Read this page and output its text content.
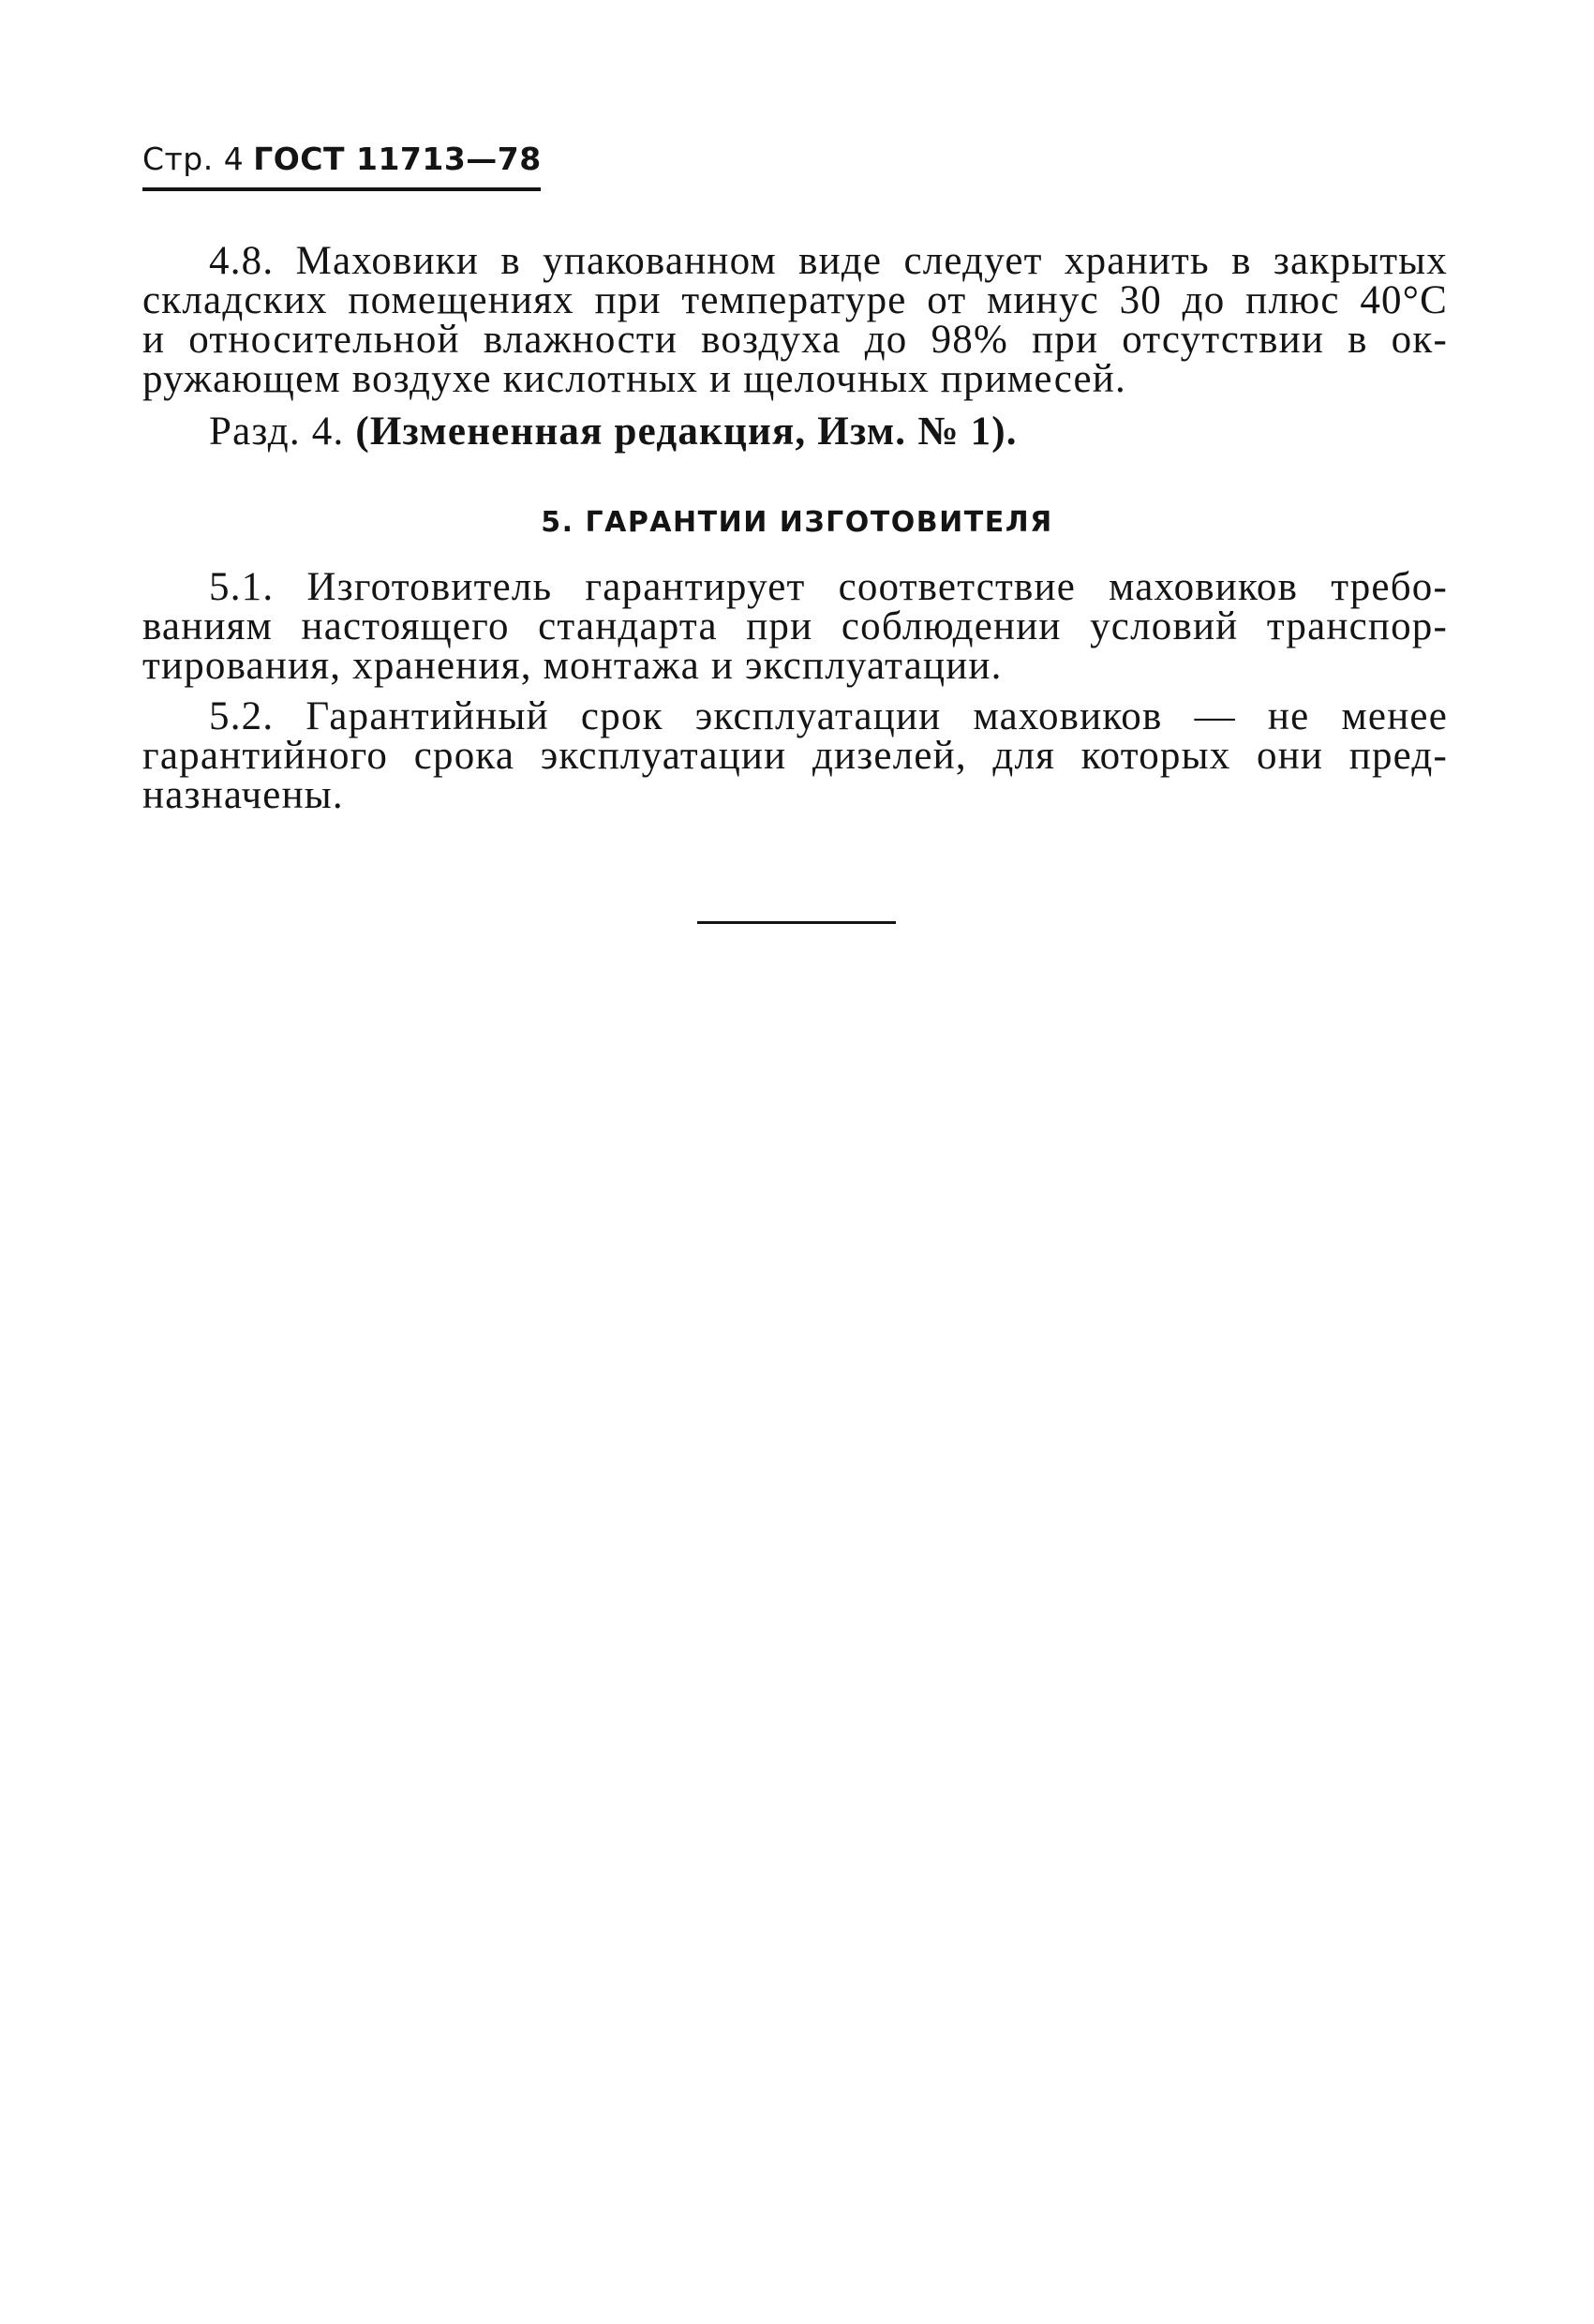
Стр. 4 ГОСТ 11713—78
4.8. Маховики в упакованном виде следует хранить в закрытых
складских помещениях при температуре от минус 30 до плюс 40°С
и относительной влажности воздуха до 98% при отсутствии в ок-
ружающем воздухе кислотных и щелочных примесей.
Разд. 4. (Измененная редакция, Изм. № 1).
5. ГАРАНТИИ ИЗГОТОВИТЕЛЯ
5.1. Изготовитель гарантирует соответствие маховиков требо-
ваниям настоящего стандарта при соблюдении условий транспор-
тирования, хранения, монтажа и эксплуатации.
5.2. Гарантийный срок эксплуатации маховиков — не менее
гарантийного срока эксплуатации дизелей, для которых они пред-
назначены.
